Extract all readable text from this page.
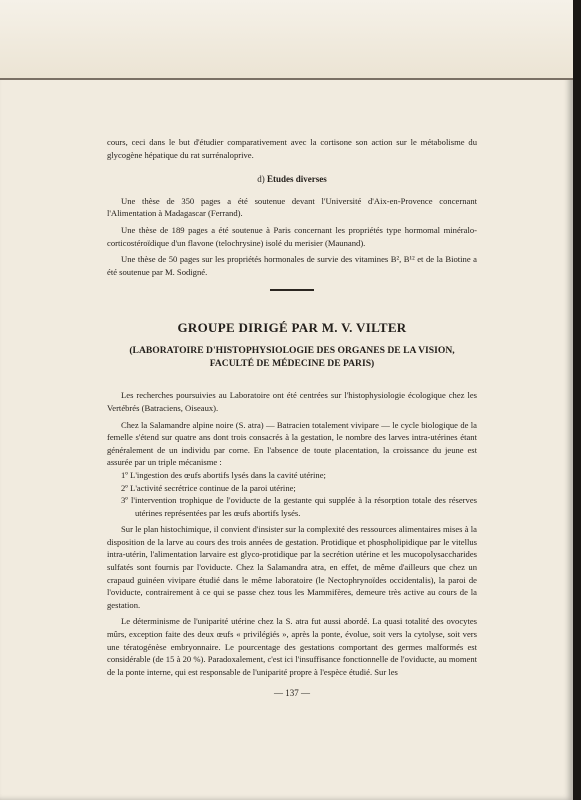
cours, ceci dans le but d'étudier comparativement avec la cortisone son action sur le métabolisme du glycogène hépatique du rat surrénaloprive.

d) Etudes diverses

Une thèse de 350 pages a été soutenue devant l'Université d'Aix-en-Provence concernant l'Alimentation à Madagascar (Ferrand).

Une thèse de 189 pages a été soutenue à Paris concernant les propriétés type hormomal minéralo-corticostéroïdique d'un flavone (telochrysine) isolé du merisier (Maunand).

Une thèse de 50 pages sur les propriétés hormonales de survie des vitamines B², B¹² et de la Biotine a été soutenue par M. Sodigné.

GROUPE DIRIGÉ PAR M. V. VILTER

(LABORATOIRE D'HISTOPHYSIOLOGIE DES ORGANES DE LA VISION,
FACULTÉ DE MÉDECINE DE PARIS)

Les recherches poursuivies au Laboratoire ont été centrées sur l'histophysiologie écologique chez les Vertébrés (Batraciens, Oiseaux).

Chez la Salamandre alpine noire (S. atra) — Batracien totalement vivipare — le cycle biologique de la femelle s'étend sur quatre ans dont trois consacrés à la gestation, le nombre des larves intra-utérines étant généralement de un individu par corne. En l'absence de toute placentation, la croissance du jeune est assurée par un triple mécanisme :

1º L'ingestion des œufs abortifs lysés dans la cavité utérine;

2º L'activité secrétrice continue de la paroi utérine;

3º l'intervention trophique de l'oviducte de la gestante qui supplée à la résorption totale des réserves utérines représentées par les œufs abortifs lysés.

Sur le plan histochimique, il convient d'insister sur la complexité des ressources alimentaires mises à la disposition de la larve au cours des trois années de gestation. Protidique et phospholipidique par le vitellus intra-utérin, l'alimentation larvaire est glyco-protidique par la secrétion utérine et les mucopolysaccharides sulfatés sont fournis par l'oviducte. Chez la Salamandra atra, en effet, de même d'ailleurs que chez un crapaud guinéen vivipare étudié dans le même laboratoire (le Nectophrynoïdes occidentalis), la paroi de l'oviducte, contrairement à ce qui se passe chez tous les Mammifères, demeure très active au cours de la gestation.

Le déterminisme de l'uniparité utérine chez la S. atra fut aussi abordé. La quasi totalité des ovocytes mûrs, exception faite des deux œufs « privilégiés », après la ponte, évolue, soit vers la cytolyse, soit vers une tératogénèse embryonnaire. Le pourcentage des gestations comportant des germes malformés est considérable (de 15 à 20 %). Paradoxalement, c'est ici l'insuffisance fonctionnelle de l'oviducte, au moment de la ponte interne, qui est responsable de l'uniparité propre à l'espèce étudié. Sur les

— 137 —
